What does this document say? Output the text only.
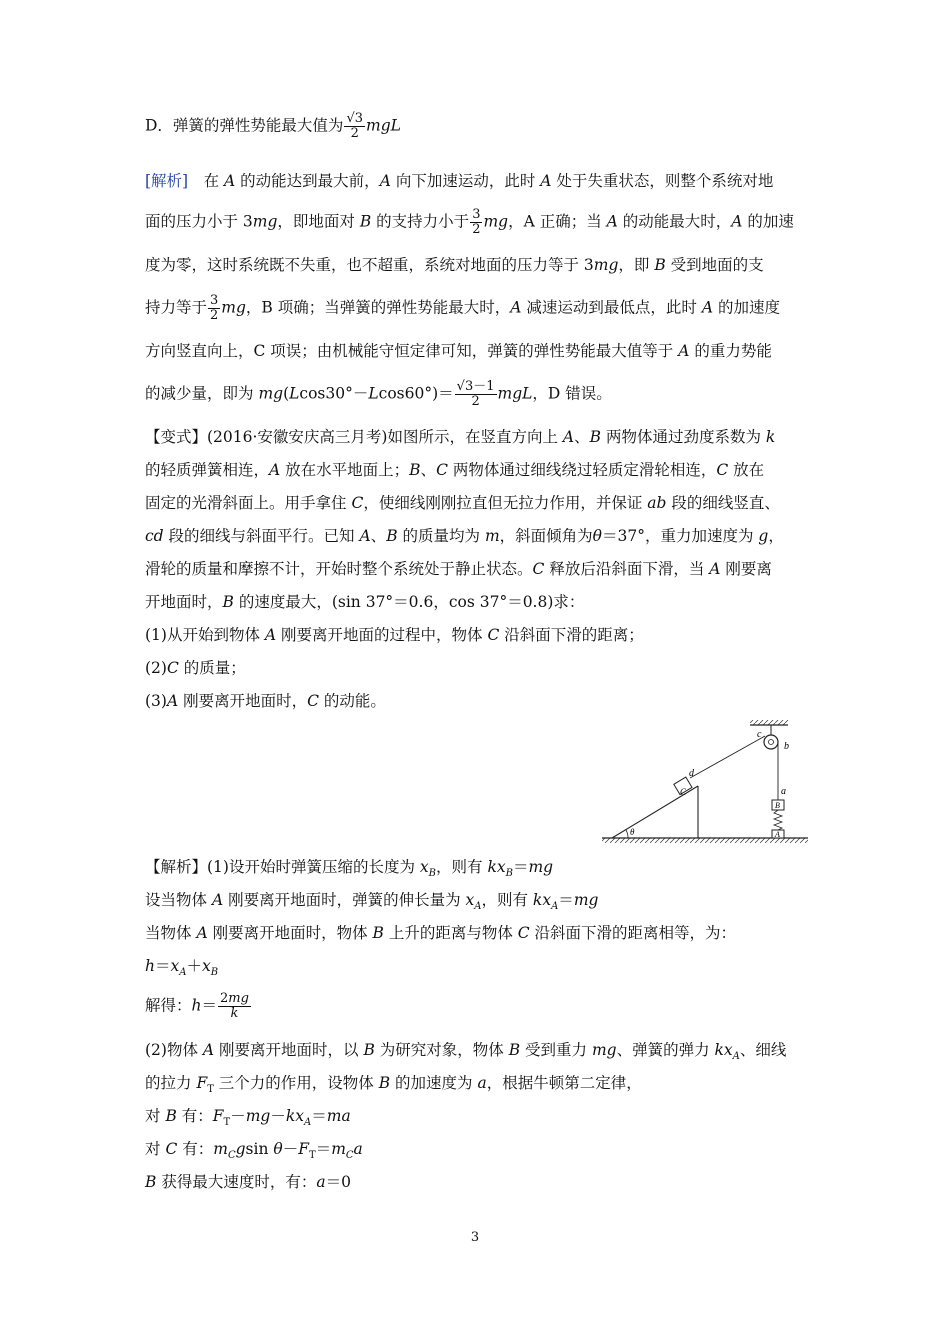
D．弹簧的弹性势能最大值为 $\frac{√3}{2}$ mgL
[解析]　在 A 的动能达到最大前，A 向下加速运动，此时 A 处于失重状态，则整个系统对地
面的压力小于 3mg，即地面对 B 的支持力小于 $\frac{3}{2}$ mg，A 正确；当 A 的动能最大时，A 的加速
度为零，这时系统既不失重，也不超重，系统对地面的压力等于 3mg，即 B 受到地面的支
持力等于 $\frac{3}{2}$ mg，B 项确；当弹簧的弹性势能最大时，A 减速运动到最低点，此时 A 的加速度
方向竖直向上，C 项误；由机械能守恒定律可知，弹簧的弹性势能最大值等于 A 的重力势能
的减少量，即为 $mg(Lcos30^\circ-Lcos60^\circ)= \frac{√3-1}{2}$ mgL，D 错误。
【变式】(2016·安徽安庆高三月考)如图所示，在竖直方向上 A、B 两物体通过劲度系数为 k
的轻质弹簧相连，A 放在水平地面上；B、C 两物体通过细线绕过轻质定滑轮相连，C 放在
固定的光滑斜面上。用手拿住 C，使细线刚刚拉直但无拉力作用，并保证 ab 段的细线竖直、
cd 段的细线与斜面平行。已知 A、B 的质量均为 m，斜面倾角为θ＝37°，重力加速度为 g，
滑轮的质量和摩擦不计，开始时整个系统处于静止状态。C 释放后沿斜面下滑，当 A 刚要离
开地面时，B 的速度最大，(sin 37°＝0.6，cos 37°＝0.8)求：
(1)从开始到物体 A 刚要离开地面的过程中，物体 C 沿斜面下滑的距离；
(2)C 的质量；
(3)A 刚要离开地面时，C 的动能。
c
b
d
C	a
B
A
θ
【解析】(1)设开始时弹簧压缩的长度为 $x_B$，则有 $kx_B=mg$
设当物体 A 刚要离开地面时，弹簧的伸长量为 $x_A$，则有 $kx_A=mg$
当物体 A 刚要离开地面时，物体 B 上升的距离与物体 C 沿斜面下滑的距离相等，为：
$h=x_A+x_B$
解得：$h= \frac{2mg}{k}$
(2)物体 A 刚要离开地面时，以 B 为研究对象，物体 B 受到重力 mg、弹簧的弹力 $kx_A$、细线
的拉力 $F_T$ 三个力的作用，设物体 B 的加速度为 a，根据牛顿第二定律，
对 B 有：$F_T-mg-kx_A=ma$
对 C 有：$m_Cgsin$ $\theta-F_T=m_Ca$
B 获得最大速度时，有：a＝0
3
